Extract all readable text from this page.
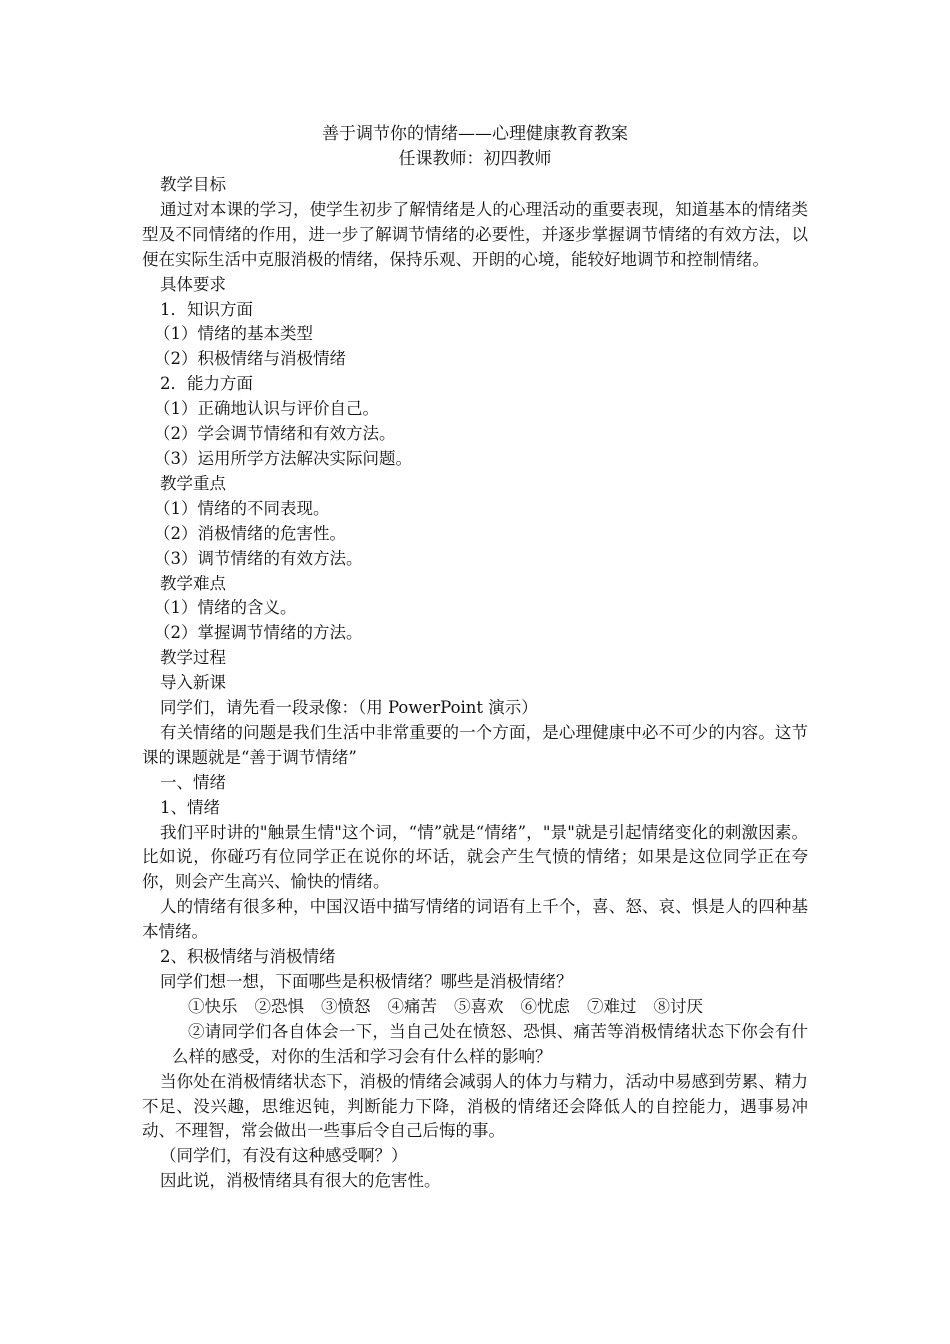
善于调节你的情绪——心理健康教育教案

任课教师：初四教师

教学目标

通过对本课的学习，使学生初步了解情绪是人的心理活动的重要表现，知道基本的情绪类型及不同情绪的作用，进一步了解调节情绪的必要性，并逐步掌握调节情绪的有效方法，以便在实际生活中克服消极的情绪，保持乐观、开朗的心境，能较好地调节和控制情绪。

具体要求

1．知识方面

（1）情绪的基本类型

（2）积极情绪与消极情绪

2．能力方面

（1）正确地认识与评价自己。

（2）学会调节情绪和有效方法。

（3）运用所学方法解决实际问题。

教学重点

（1）情绪的不同表现。

（2）消极情绪的危害性。

（3）调节情绪的有效方法。

教学难点

（1）情绪的含义。

（2）掌握调节情绪的方法。

教学过程

导入新课

同学们，请先看一段录像：（用 PowerPoint 演示）

有关情绪的问题是我们生活中非常重要的一个方面，是心理健康中必不可少的内容。这节课的课题就是“善于调节情绪”

一、情绪

1、情绪

我们平时讲的"触景生情"这个词，“情”就是“情绪”，"景"就是引起情绪变化的刺激因素。比如说，你碰巧有位同学正在说你的坏话，就会产生气愤的情绪；如果是这位同学正在夸你，则会产生高兴、愉快的情绪。

人的情绪有很多种，中国汉语中描写情绪的词语有上千个，喜、怒、哀、惧是人的四种基本情绪。

2、积极情绪与消极情绪

同学们想一想，下面哪些是积极情绪？哪些是消极情绪？

①快乐 ②恐惧 ③愤怒 ④痛苦 ⑤喜欢 ⑥忧虑 ⑦难过 ⑧讨厌

②请同学们各自体会一下，当自己处在愤怒、恐惧、痛苦等消极情绪状态下你会有什么样的感受，对你的生活和学习会有什么样的影响？

当你处在消极情绪状态下，消极的情绪会减弱人的体力与精力，活动中易感到劳累、精力不足、没兴趣，思维迟钝，判断能力下降，消极的情绪还会降低人的自控能力，遇事易冲动、不理智，常会做出一些事后令自己后悔的事。

（同学们，有没有这种感受啊？）

因此说，消极情绪具有很大的危害性。
